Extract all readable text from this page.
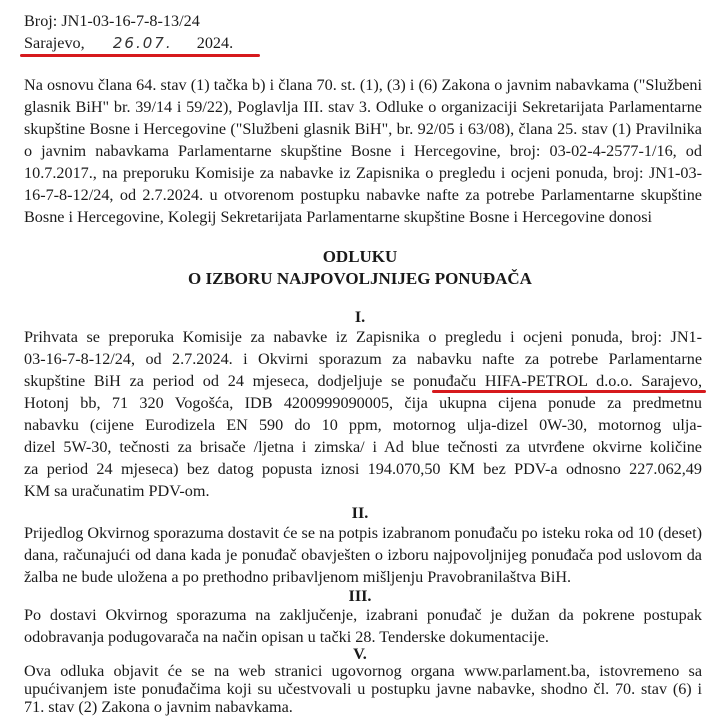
Broj: JN1-03-16-7-8-13/24
Sarajevo, 26.07. 2024.
Na osnovu člana 64. stav (1) tačka b) i člana 70. st. (1), (3) i (6) Zakona o javnim nabavkama ("Službeni
glasnik BiH" br. 39/14 i 59/22), Poglavlja III. stav 3. Odluke o organizaciji Sekretarijata Parlamentarne
skupštine Bosne i Hercegovine ("Službeni glasnik BiH", br. 92/05 i 63/08), člana 25. stav (1) Pravilnika
o javnim nabavkama Parlamentarne skupštine Bosne i Hercegovine, broj: 03-02-4-2577-1/16, od
10.7.2017., na preporuku Komisije za nabavke iz Zapisnika o pregledu i ocjeni ponuda, broj: JN1-03-
16-7-8-12/24, od 2.7.2024. u otvorenom postupku nabavke nafte za potrebe Parlamentarne skupštine
Bosne i Hercegovine, Kolegij Sekretarijata Parlamentarne skupštine Bosne i Hercegovine donosi
ODLUKU
O IZBORU NAJPOVOLJNIJEG PONUĐAČA
I.
Prihvata se preporuka Komisije za nabavke iz Zapisnika o pregledu i ocjeni ponuda, broj: JN1-
03-16-7-8-12/24, od 2.7.2024. i Okvirni sporazum za nabavku nafte za potrebe Parlamentarne
skupštine BiH za period od 24 mjeseca, dodjeljuje se ponuđaču HIFA-PETROL d.o.o. Sarajevo,
Hotonj bb, 71 320 Vogošća, IDB 4200999090005, čija ukupna cijena ponude za predmetnu
nabavku (cijene Eurodizela EN 590 do 10 ppm, motornog ulja-dizel 0W-30, motornog ulja-
dizel 5W-30, tečnosti za brisače /ljetna i zimska/ i Ad blue tečnosti za utvrđene okvirne količine
za period 24 mjeseca) bez datog popusta iznosi 194.070,50 KM bez PDV-a odnosno 227.062,49
KM sa uračunatim PDV-om.
II.
Prijedlog Okvirnog sporazuma dostavit će se na potpis izabranom ponuđaču po isteku roka od 10 (deset)
dana, računajući od dana kada je ponuđač obavješten o izboru najpovoljnijeg ponuđača pod uslovom da
žalba ne bude uložena a po prethodno pribavljenom mišljenju Pravobranilaštva BiH.
III.
Po dostavi Okvirnog sporazuma na zaključenje, izabrani ponuđač je dužan da pokrene postupak
odobravanja podugovarača na način opisan u tački 28. Tenderske dokumentacije.
V.
Ova odluka objavit će se na web stranici ugovornog organa www.parlament.ba, istovremeno sa
upućivanjem iste ponuđačima koji su učestvovali u postupku javne nabavke, shodno čl. 70. stav (6) i
71. stav (2) Zakona o javnim nabavkama.
